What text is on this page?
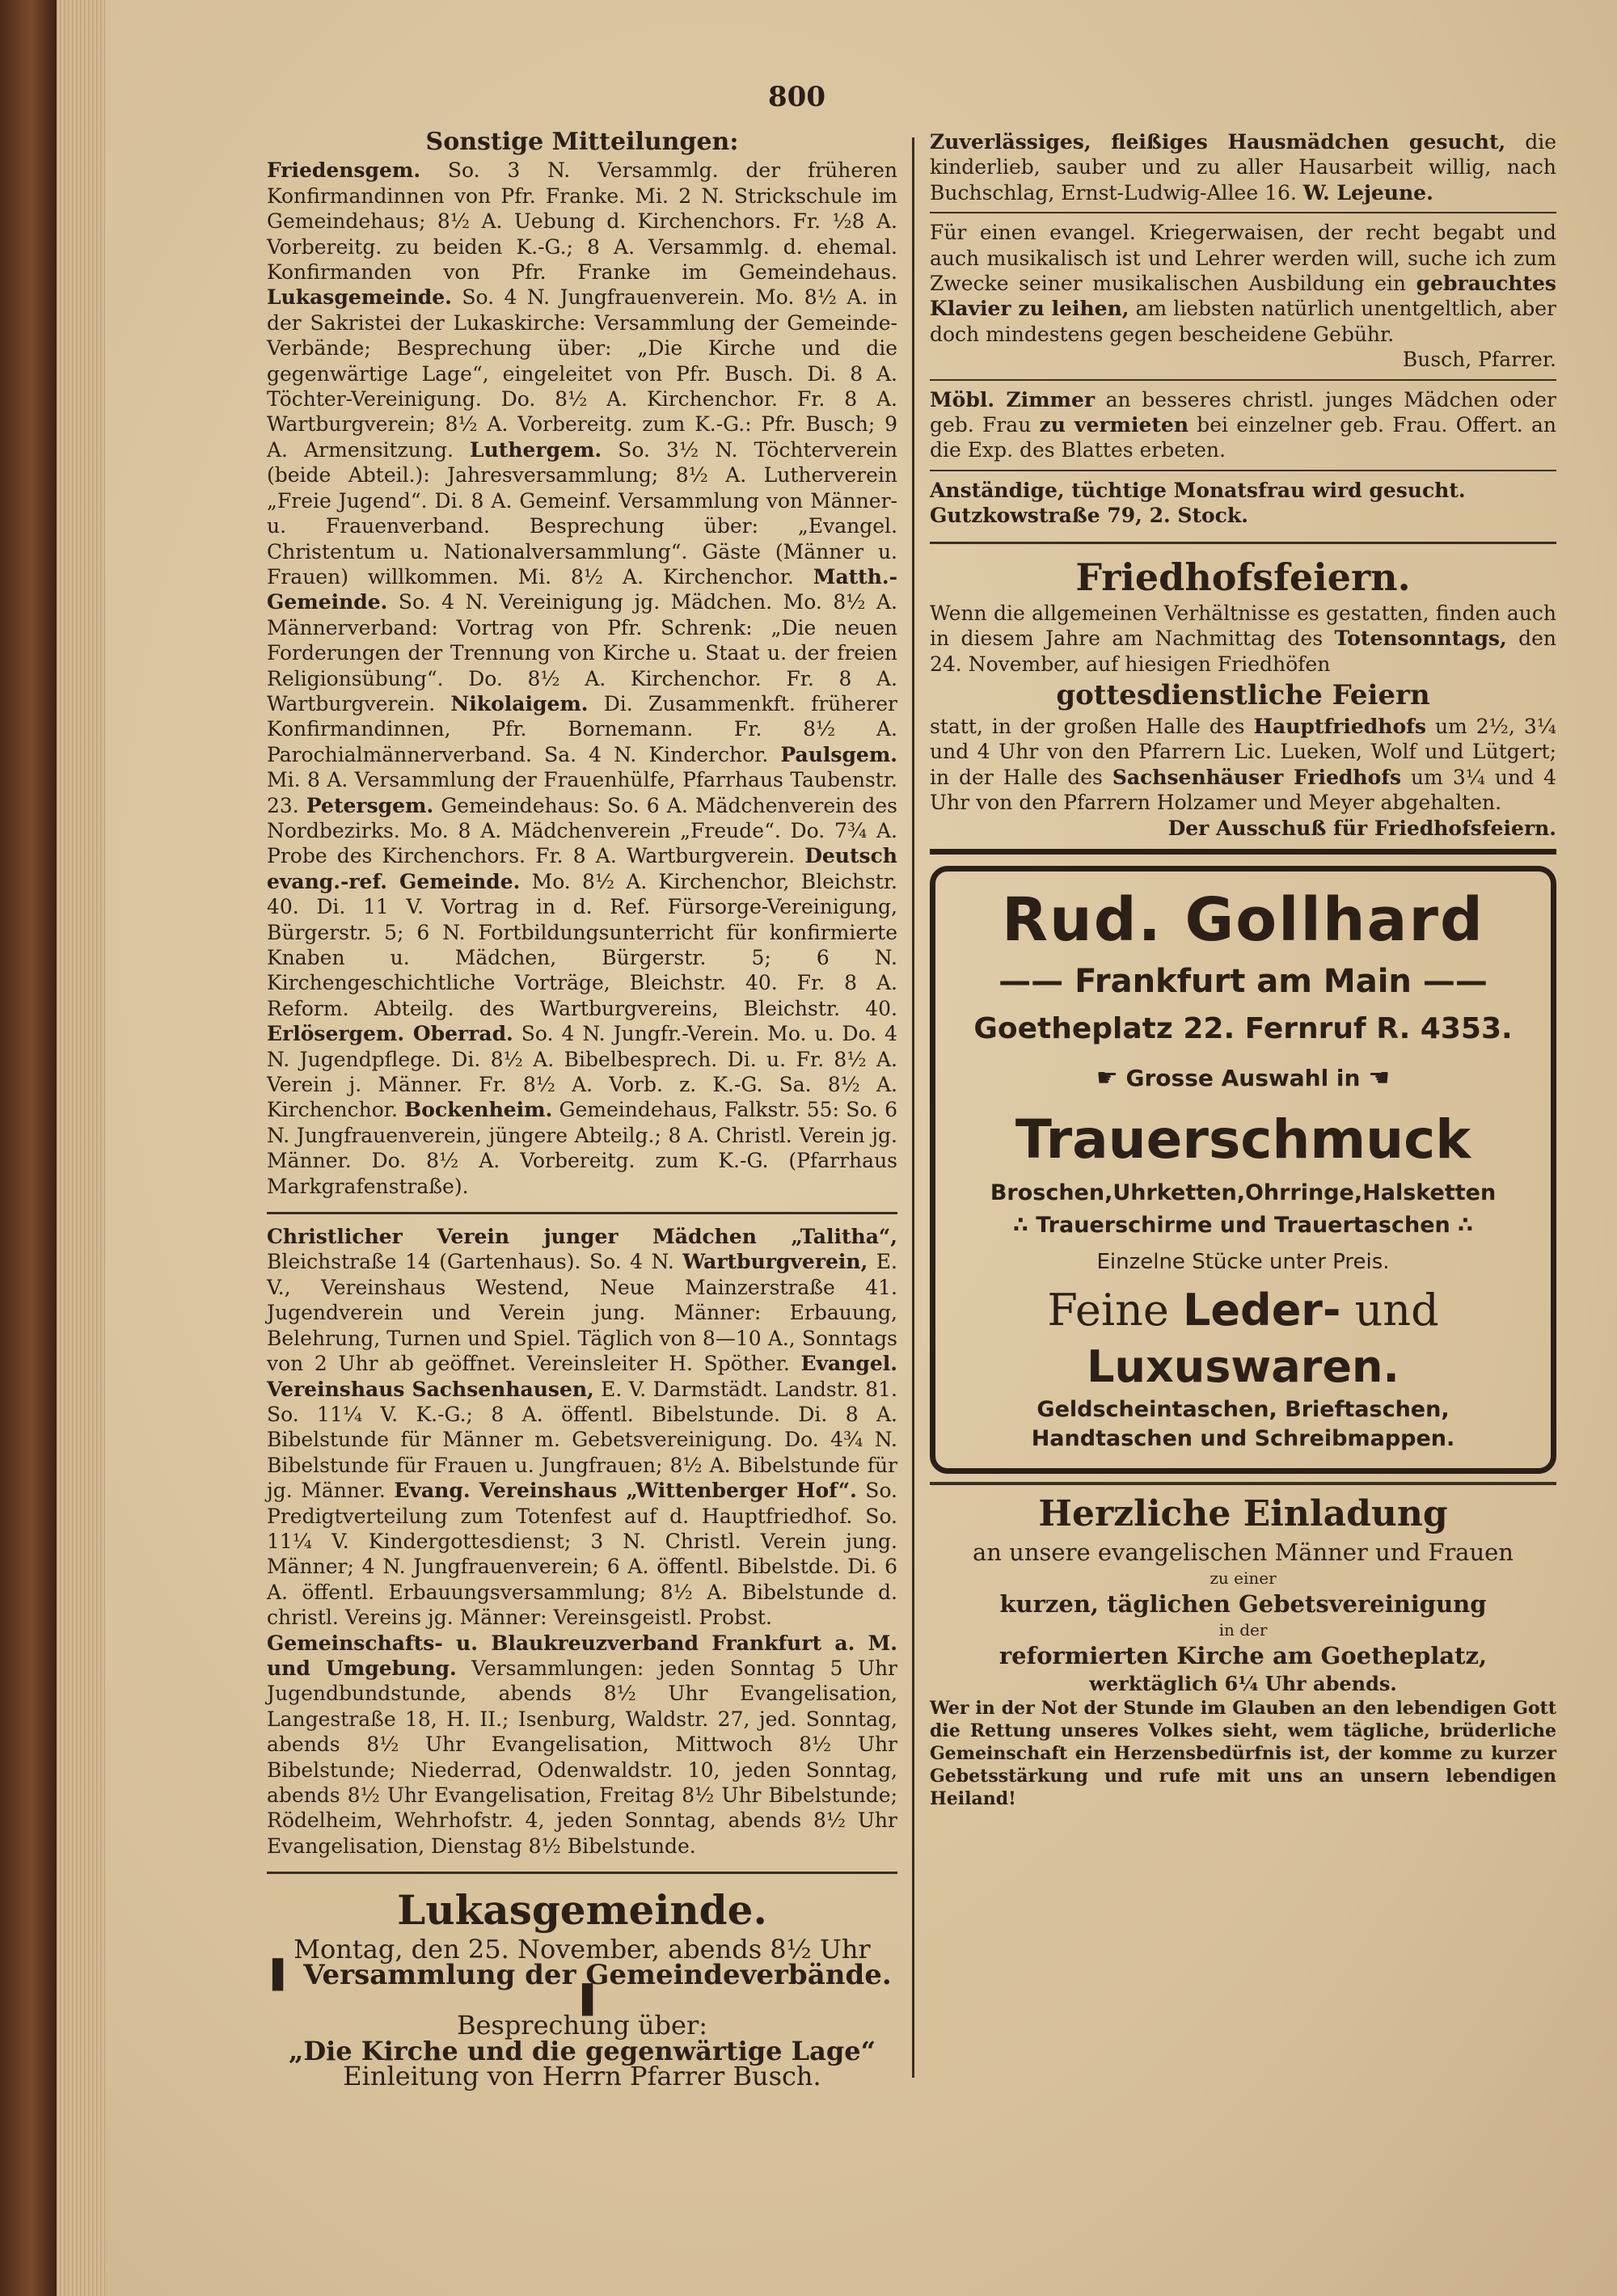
800

Sonstige Mitteilungen:

Friedensgem. So. 3 N. Versammlg. der früheren Konfirmandinnen von Pfr. Franke. Mi. 2 N. Strickschule im Gemeindehaus; 8½ A. Uebung d. Kirchenchors. Fr. ½8 A. Vorbereitg. zu beiden K.-G.; 8 A. Versammlg. d. ehemal. Konfirmanden von Pfr. Franke im Gemeindehaus. Lukasgemeinde. So. 4 N. Jungfrauenverein. Mo. 8½ A. in der Sakristei der Lukaskirche: Versammlung der Gemeinde-Verbände; Besprechung über: „Die Kirche und die gegenwärtige Lage“, eingeleitet von Pfr. Busch. Di. 8 A. Töchter-Vereinigung. Do. 8½ A. Kirchenchor. Fr. 8 A. Wartburgverein; 8½ A. Vorbereitg. zum K.-G.: Pfr. Busch; 9 A. Armensitzung. Luthergem. So. 3½ N. Töchterverein (beide Abteil.): Jahresversammlung; 8½ A. Lutherverein „Freie Jugend“. Di. 8 A. Gemeinf. Versammlung von Männer- u. Frauenverband. Besprechung über: „Evangel. Christentum u. Nationalversammlung“. Gäste (Männer u. Frauen) willkommen. Mi. 8½ A. Kirchenchor. Matth.-Gemeinde. So. 4 N. Vereinigung jg. Mädchen. Mo. 8½ A. Männerverband: Vortrag von Pfr. Schrenk: „Die neuen Forderungen der Trennung von Kirche u. Staat u. der freien Religionsübung“. Do. 8½ A. Kirchenchor. Fr. 8 A. Wartburgverein. Nikolaigem. Di. Zusammenkft. früherer Konfirmandinnen, Pfr. Bornemann. Fr. 8½ A. Parochialmännerverband. Sa. 4 N. Kinderchor. Paulsgem. Mi. 8 A. Versammlung der Frauenhülfe, Pfarrhaus Taubenstr. 23. Petersgem. Gemeindehaus: So. 6 A. Mädchenverein des Nordbezirks. Mo. 8 A. Mädchenverein „Freude“. Do. 7¾ A. Probe des Kirchenchors. Fr. 8 A. Wartburgverein. Deutsch evang.-ref. Gemeinde. Mo. 8½ A. Kirchenchor, Bleichstr. 40. Di. 11 V. Vortrag in d. Ref. Fürsorge-Vereinigung, Bürgerstr. 5; 6 N. Fortbildungsunterricht für konfirmierte Knaben u. Mädchen, Bürgerstr. 5; 6 N. Kirchengeschichtliche Vorträge, Bleichstr. 40. Fr. 8 A. Reform. Abteilg. des Wartburgvereins, Bleichstr. 40. Erlösergem. Oberrad. So. 4 N. Jungfr.-Verein. Mo. u. Do. 4 N. Jugendpflege. Di. 8½ A. Bibelbesprech. Di. u. Fr. 8½ A. Verein j. Männer. Fr. 8½ A. Vorb. z. K.-G. Sa. 8½ A. Kirchenchor. Bockenheim. Gemeindehaus, Falkstr. 55: So. 6 N. Jungfrauenverein, jüngere Abteilg.; 8 A. Christl. Verein jg. Männer. Do. 8½ A. Vorbereitg. zum K.-G. (Pfarrhaus Markgrafenstraße).

Christlicher Verein junger Mädchen „Talitha“, Bleichstraße 14 (Gartenhaus). So. 4 N. Wartburgverein, E. V., Vereinshaus Westend, Neue Mainzerstraße 41. Jugendverein und Verein jung. Männer: Erbauung, Belehrung, Turnen und Spiel. Täglich von 8—10 A., Sonntags von 2 Uhr ab geöffnet. Vereinsleiter H. Spöther. Evangel. Vereinshaus Sachsenhausen, E. V. Darmstädt. Landstr. 81. So. 11¼ V. K.-G.; 8 A. öffentl. Bibelstunde. Di. 8 A. Bibelstunde für Männer m. Gebetsvereinigung. Do. 4¾ N. Bibelstunde für Frauen u. Jungfrauen; 8½ A. Bibelstunde für jg. Männer. Evang. Vereinshaus „Wittenberger Hof“. So. Predigtverteilung zum Totenfest auf d. Hauptfriedhof. So. 11¼ V. Kindergottesdienst; 3 N. Christl. Verein jung. Männer; 4 N. Jungfrauenverein; 6 A. öffentl. Bibelstde. Di. 6 A. öffentl. Erbauungsversammlung; 8½ A. Bibelstunde d. christl. Vereins jg. Männer: Vereinsgeistl. Probst.

Gemeinschafts- u. Blaukreuzverband Frankfurt a. M. und Umgebung. Versammlungen: jeden Sonntag 5 Uhr Jugendbundstunde, abends 8½ Uhr Evangelisation, Langestraße 18, H. II.; Isenburg, Waldstr. 27, jed. Sonntag, abends 8½ Uhr Evangelisation, Mittwoch 8½ Uhr Bibelstunde; Niederrad, Odenwaldstr. 10, jeden Sonntag, abends 8½ Uhr Evangelisation, Freitag 8½ Uhr Bibelstunde; Rödelheim, Wehrhofstr. 4, jeden Sonntag, abends 8½ Uhr Evangelisation, Dienstag 8½ Bibelstunde.

Lukasgemeinde.

Montag, den 25. November, abends 8½ Uhr

▌ Versammlung der Gemeindeverbände. ▐

Besprechung über:

„Die Kirche und die gegenwärtige Lage“

Einleitung von Herrn Pfarrer Busch.

Zuverlässiges, fleißiges Hausmädchen gesucht, die kinderlieb, sauber und zu aller Hausarbeit willig, nach Buchschlag, Ernst-Ludwig-Allee 16. W. Lejeune.

Für einen evangel. Kriegerwaisen, der recht begabt und auch musikalisch ist und Lehrer werden will, suche ich zum Zwecke seiner musikalischen Ausbildung ein gebrauchtes Klavier zu leihen, am liebsten natürlich unentgeltlich, aber doch mindestens gegen bescheidene Gebühr.

Busch, Pfarrer.

Möbl. Zimmer an besseres christl. junges Mädchen oder geb. Frau zu vermieten bei einzelner geb. Frau. Offert. an die Exp. des Blattes erbeten.

Anständige, tüchtige Monatsfrau wird gesucht.

Gutzkowstraße 79, 2. Stock.

Friedhofsfeiern.

Wenn die allgemeinen Verhältnisse es gestatten, finden auch in diesem Jahre am Nachmittag des Totensonntags, den 24. November, auf hiesigen Friedhöfen

gottesdienstliche Feiern

statt, in der großen Halle des Hauptfriedhofs um 2½, 3¼ und 4 Uhr von den Pfarrern Lic. Lueken, Wolf und Lütgert; in der Halle des Sachsenhäuser Friedhofs um 3¼ und 4 Uhr von den Pfarrern Holzamer und Meyer abgehalten.

Der Ausschuß für Friedhofsfeiern.

Rud. Gollhard
—— Frankfurt am Main ——
Goetheplatz 22. Fernruf R. 4353.
☛ Grosse Auswahl in ☚
Trauerschmuck
Broschen,Uhrketten,Ohrringe,Halsketten
∴ Trauerschirme und Trauertaschen ∴
Einzelne Stücke unter Preis.
Feine Leder- und
Luxuswaren.
Geldscheintaschen, Brieftaschen, Handtaschen und Schreibmappen.

Herzliche Einladung

an unsere evangelischen Männer und Frauen

zu einer

kurzen, täglichen Gebetsvereinigung

in der

reformierten Kirche am Goetheplatz,

werktäglich 6¼ Uhr abends.

Wer in der Not der Stunde im Glauben an den lebendigen Gott die Rettung unseres Volkes sieht, wem tägliche, brüderliche Gemeinschaft ein Herzensbedürfnis ist, der komme zu kurzer Gebetsstärkung und rufe mit uns an unsern lebendigen Heiland!
